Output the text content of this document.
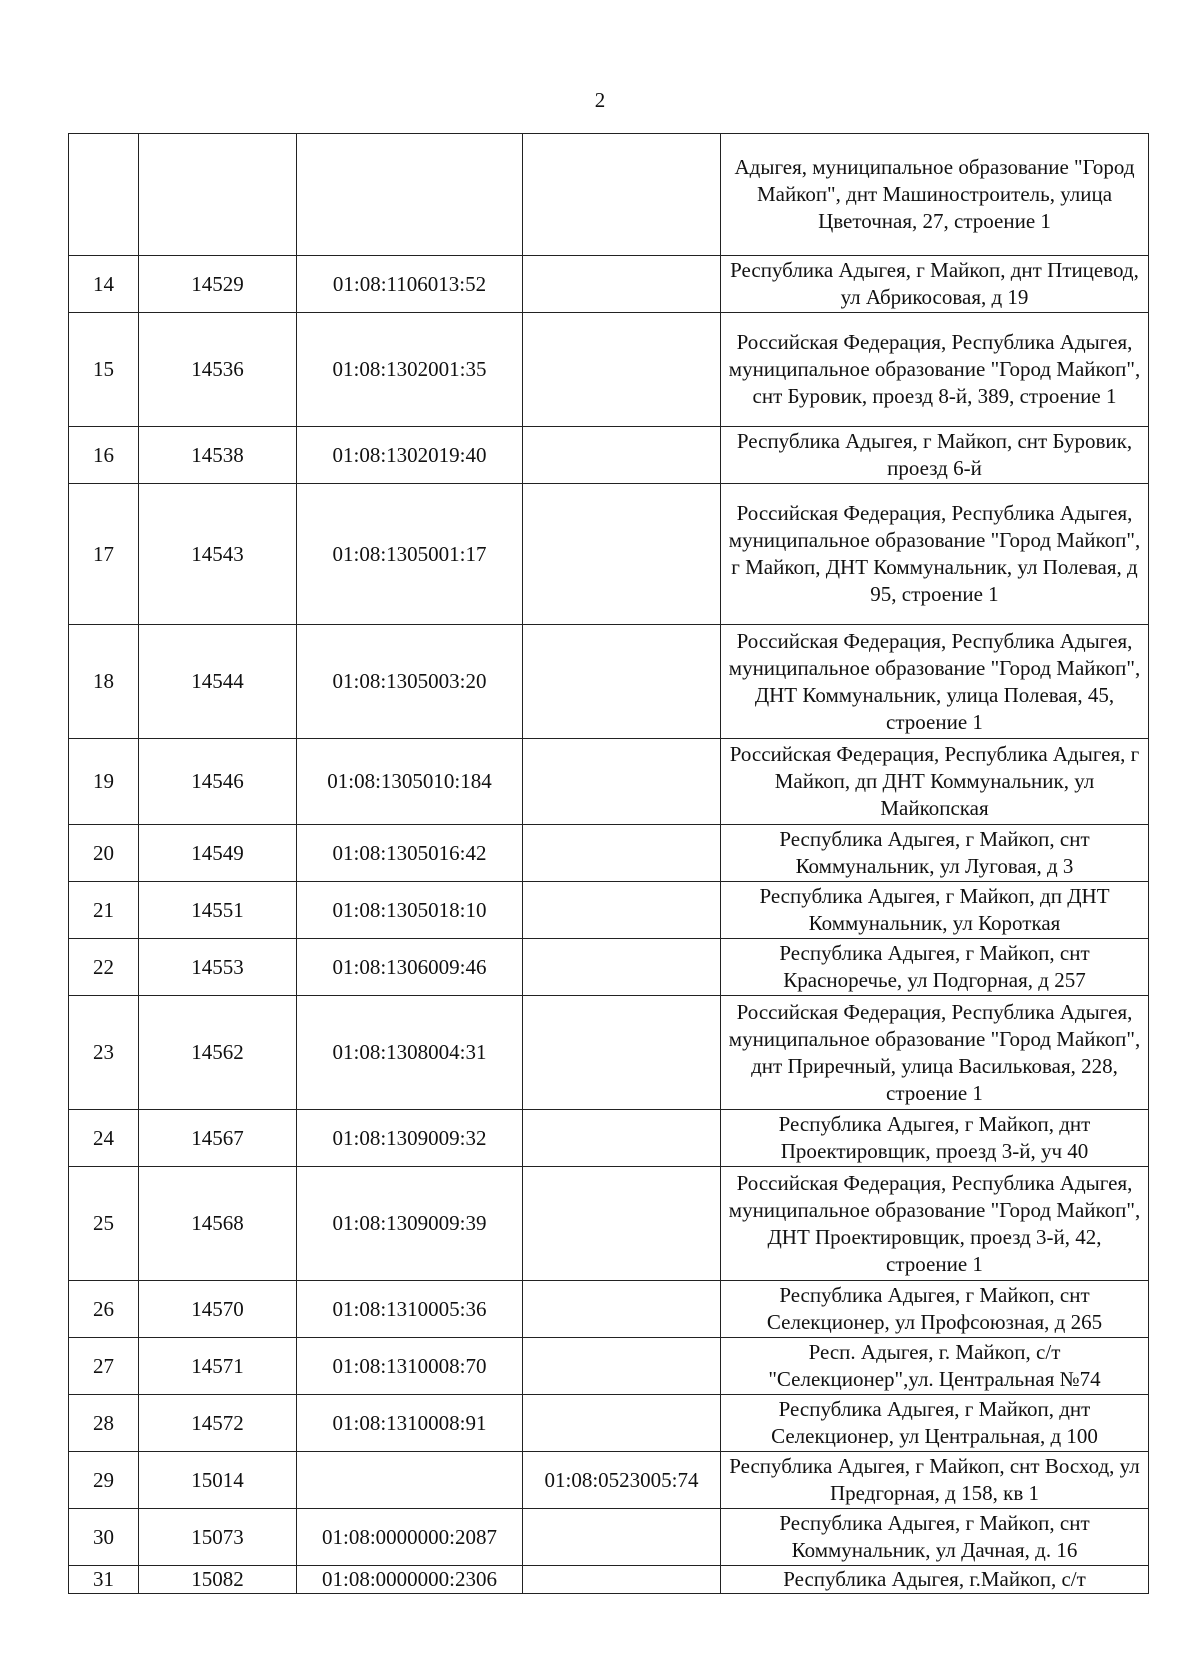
2
				Адыгея, муниципальное образование "Город Майкоп", днт Машиностроитель, улица Цветочная, 27, строение 1
14	14529	01:08:1106013:52		Республика Адыгея, г Майкоп, днт Птицевод, ул Абрикосовая, д 19
15	14536	01:08:1302001:35		Российская Федерация, Республика Адыгея, муниципальное образование "Город Майкоп", снт Буровик, проезд 8-й, 389, строение 1
16	14538	01:08:1302019:40		Республика Адыгея, г Майкоп, снт Буровик, проезд 6-й
17	14543	01:08:1305001:17		Российская Федерация, Республика Адыгея, муниципальное образование "Город Майкоп", г Майкоп, ДНТ Коммунальник, ул Полевая, д 95, строение 1
18	14544	01:08:1305003:20		Российская Федерация, Республика Адыгея, муниципальное образование "Город Майкоп", ДНТ Коммунальник, улица Полевая, 45, строение 1
19	14546	01:08:1305010:184		Российская Федерация, Республика Адыгея, г Майкоп, дп ДНТ Коммунальник, ул Майкопская
20	14549	01:08:1305016:42		Республика Адыгея, г Майкоп, снт Коммунальник, ул Луговая, д 3
21	14551	01:08:1305018:10		Республика Адыгея, г Майкоп, дп ДНТ Коммунальник, ул Короткая
22	14553	01:08:1306009:46		Республика Адыгея, г Майкоп, снт Красноречье, ул Подгорная, д 257
23	14562	01:08:1308004:31		Российская Федерация, Республика Адыгея, муниципальное образование "Город Майкоп", днт Приречный, улица Васильковая, 228, строение 1
24	14567	01:08:1309009:32		Республика Адыгея, г Майкоп, днт Проектировщик, проезд 3-й, уч 40
25	14568	01:08:1309009:39		Российская Федерация, Республика Адыгея, муниципальное образование "Город Майкоп", ДНТ Проектировщик, проезд 3-й, 42, строение 1
26	14570	01:08:1310005:36		Республика Адыгея, г Майкоп, снт Селекционер, ул Профсоюзная, д 265
27	14571	01:08:1310008:70		Респ. Адыгея, г. Майкоп, с/т "Селекционер",ул. Центральная №74
28	14572	01:08:1310008:91		Республика Адыгея, г Майкоп, днт Селекционер, ул Центральная, д 100
29	15014		01:08:0523005:74	Республика Адыгея, г Майкоп, снт Восход, ул Предгорная, д 158, кв 1
30	15073	01:08:0000000:2087		Республика Адыгея, г Майкоп, снт Коммунальник, ул Дачная, д. 16
31	15082	01:08:0000000:2306		Республика Адыгея, г.Майкоп, с/т
